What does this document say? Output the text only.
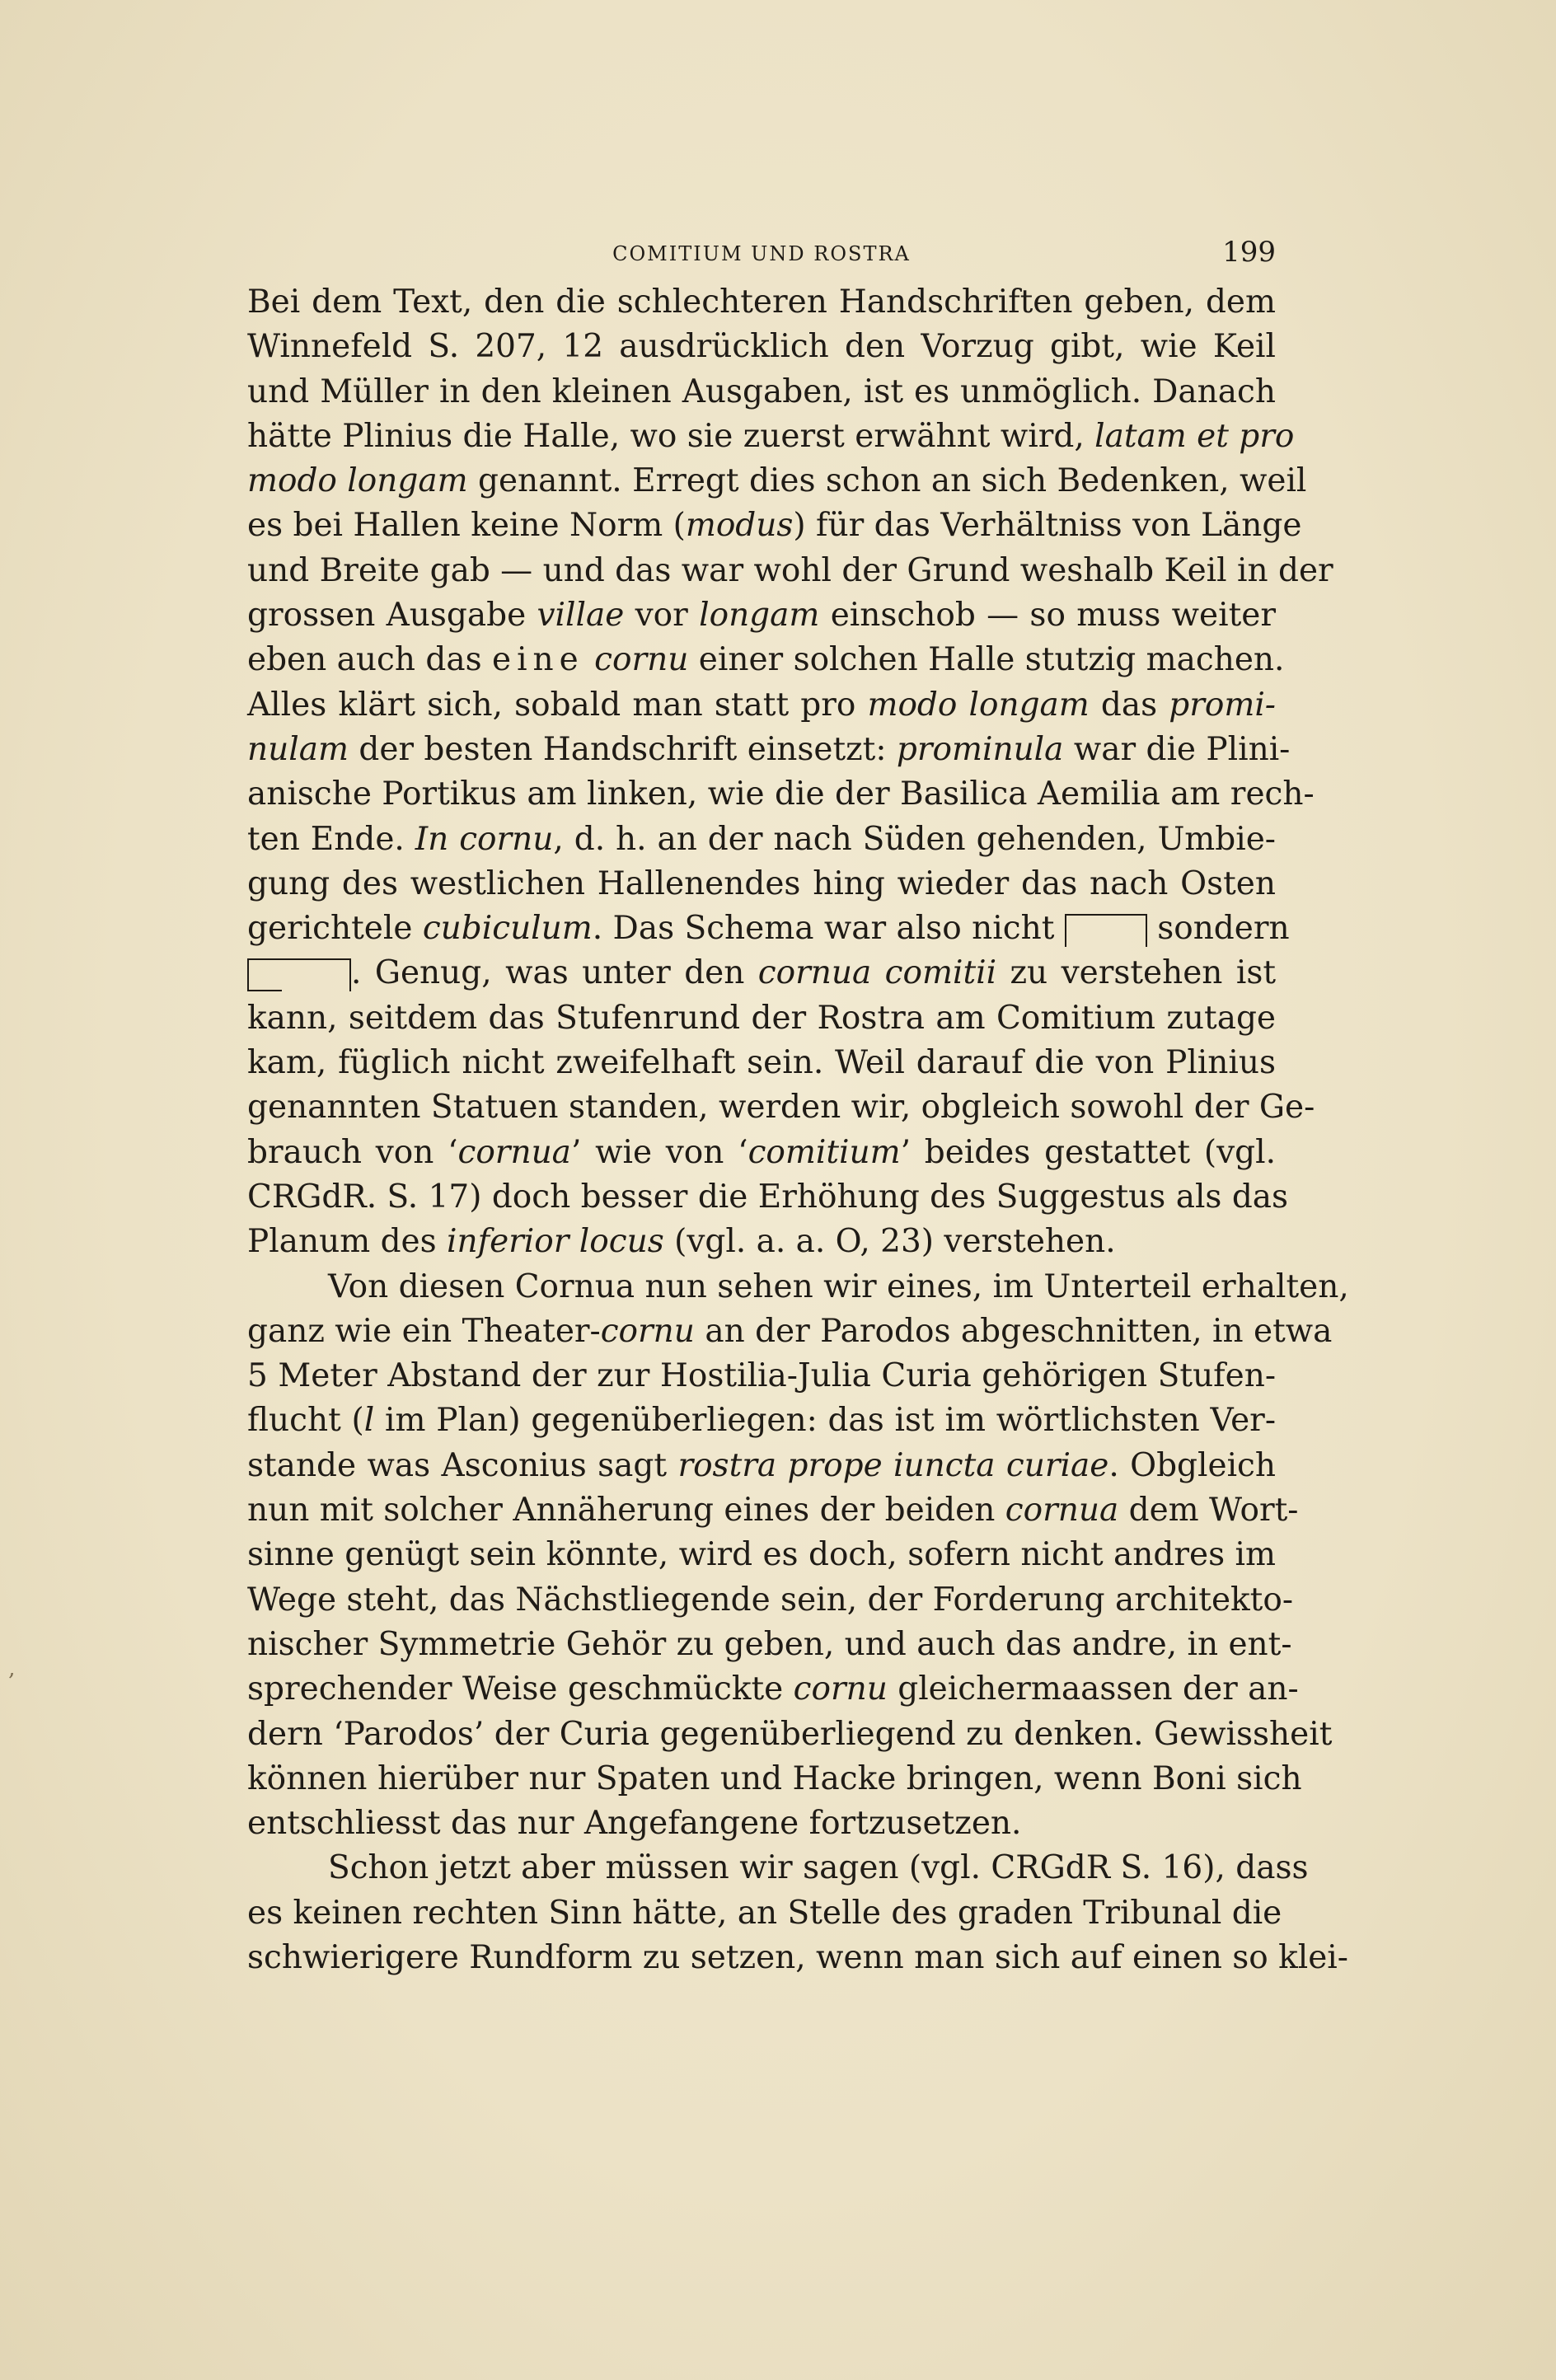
COMITIUM UND ROSTRA	199
‚
Bei dem Text, den die schlechteren Handschriften geben, dem
Winnefeld S. 207, 12 ausdrücklich den Vorzug gibt, wie Keil
und Müller in den kleinen Ausgaben, ist es unmöglich. Danach
hätte Plinius die Halle, wo sie zuerst erwähnt wird, latam et pro
modo longam genannt. Erregt dies schon an sich Bedenken, weil
es bei Hallen keine Norm (modus) für das Verhältniss von Länge
und Breite gab — und das war wohl der Grund weshalb Keil in der
grossen Ausgabe villae vor longam einschob — so muss weiter
eben auch das eine cornu einer solchen Halle stutzig machen.
Alles klärt sich, sobald man statt pro modo longam das promi-
nulam der besten Handschrift einsetzt: prominula war die Plini-
anische Portikus am linken, wie die der Basilica Aemilia am rech-
ten Ende. In cornu, d. h. an der nach Süden gehenden, Umbie-
gung des westlichen Hallenendes hing wieder das nach Osten
gerichtele cubiculum. Das Schema war also nicht	sondern
. Genug, was unter den cornua comitii zu verstehen ist
kann, seitdem das Stufenrund der Rostra am Comitium zutage
kam, füglich nicht zweifelhaft sein. Weil darauf die von Plinius
genannten Statuen standen, werden wir, obgleich sowohl der Ge-
brauch von ‘cornua’ wie von ‘comitium’ beides gestattet (vgl.
CRGdR. S. 17) doch besser die Erhöhung des Suggestus als das
Planum des inferior locus (vgl. a. a. O, 23) verstehen.
Von diesen Cornua nun sehen wir eines, im Unterteil erhalten,
ganz wie ein Theater-cornu an der Parodos abgeschnitten, in etwa
5 Meter Abstand der zur Hostilia-Julia Curia gehörigen Stufen-
flucht (l im Plan) gegenüberliegen: das ist im wörtlichsten Ver-
stande was Asconius sagt rostra prope iuncta curiae. Obgleich
nun mit solcher Annäherung eines der beiden cornua dem Wort-
sinne genügt sein könnte, wird es doch, sofern nicht andres im
Wege steht, das Nächstliegende sein, der Forderung architekto-
nischer Symmetrie Gehör zu geben, und auch das andre, in ent-
sprechender Weise geschmückte cornu gleichermaassen der an-
dern ‘Parodos’ der Curia gegenüberliegend zu denken. Gewissheit
können hierüber nur Spaten und Hacke bringen, wenn Boni sich
entschliesst das nur Angefangene fortzusetzen.
Schon jetzt aber müssen wir sagen (vgl. CRGdR S. 16), dass
es keinen rechten Sinn hätte, an Stelle des graden Tribunal die
schwierigere Rundform zu setzen, wenn man sich auf einen so klei-
